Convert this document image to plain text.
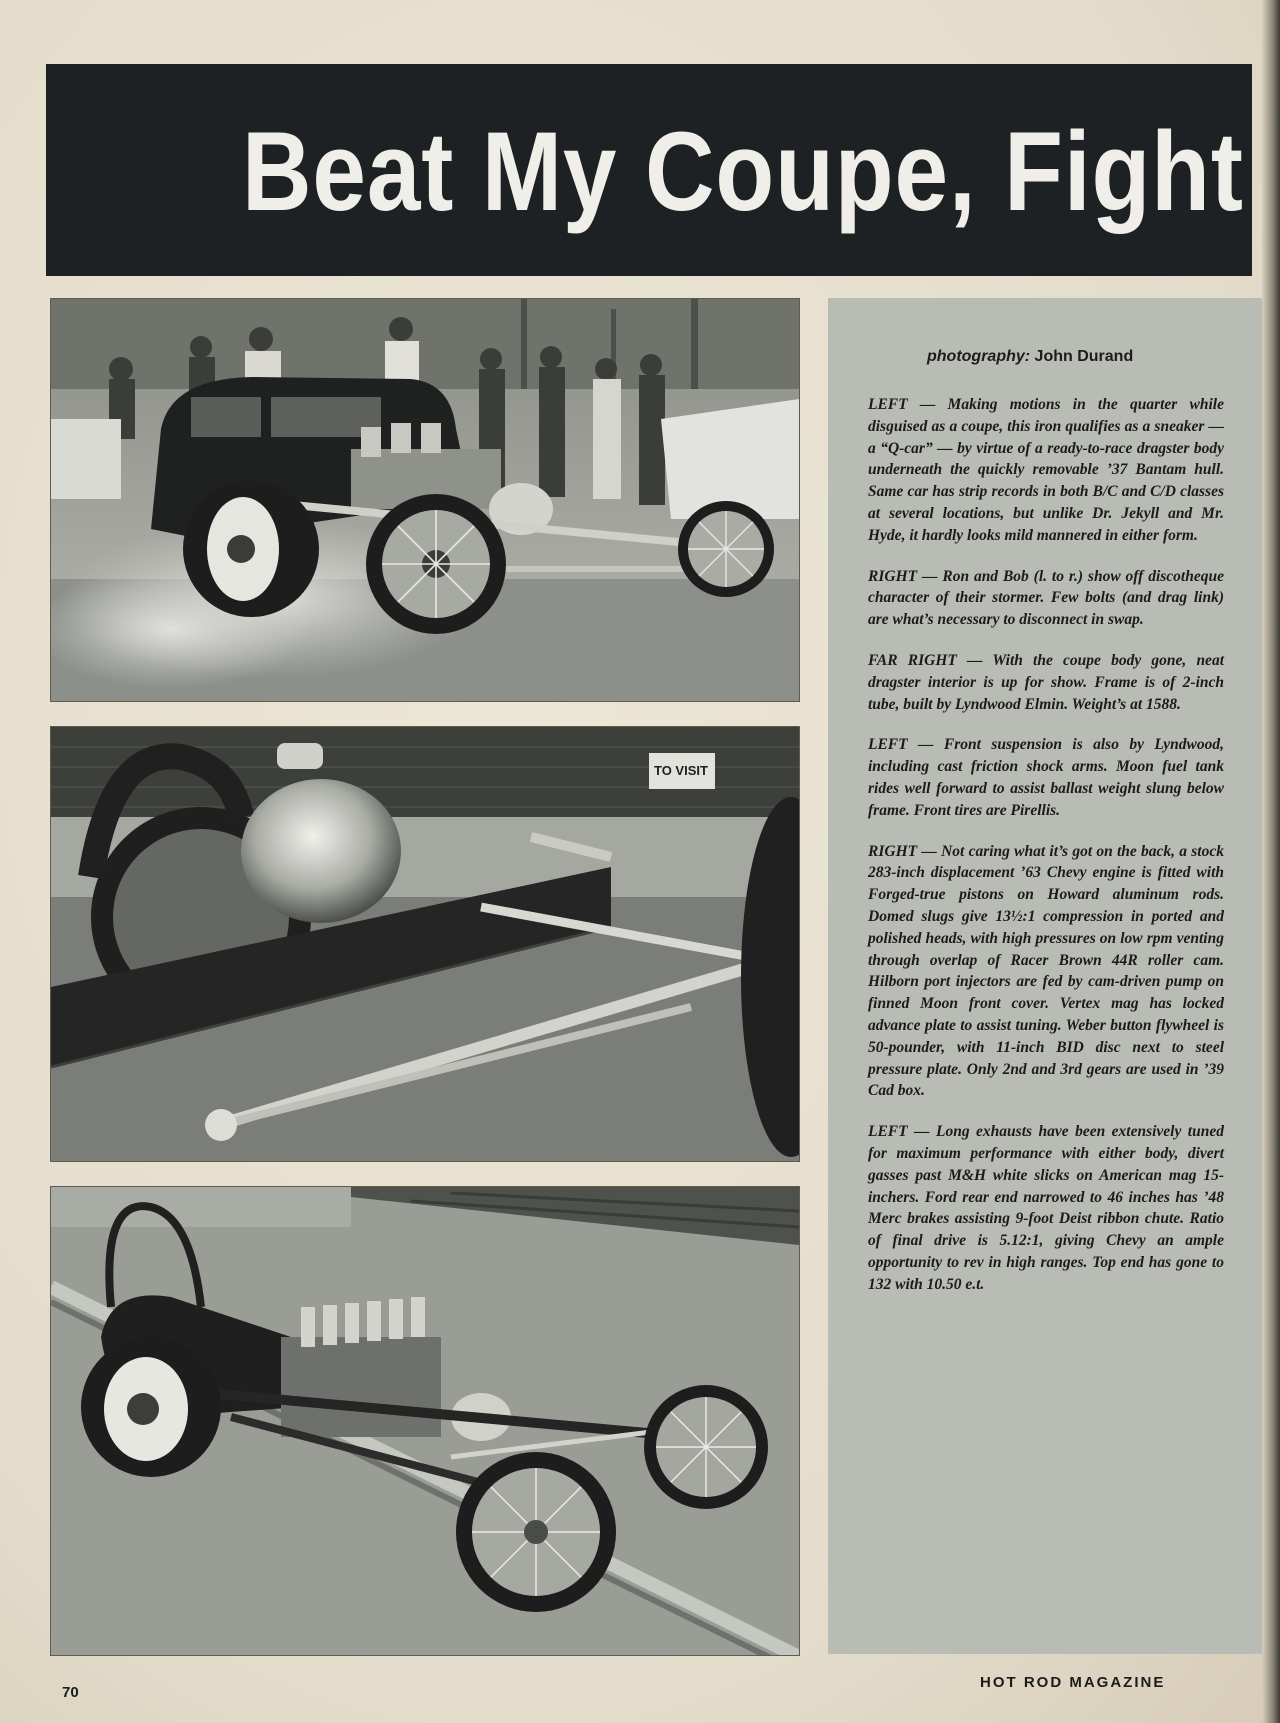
Beat My Coupe, Fight
TO VISIT
photography: John Durand

LEFT — Making motions in the quarter while disguised as a coupe, this iron qualifies as a sneaker — a “Q-car” — by virtue of a ready-to-race dragster body underneath the quickly removable ’37 Bantam hull. Same car has strip records in both B/C and C/D classes at several locations, but unlike Dr. Jekyll and Mr. Hyde, it hardly looks mild mannered in either form.

RIGHT — Ron and Bob (l. to r.) show off discotheque character of their stormer. Few bolts (and drag link) are what’s necessary to disconnect in swap.

FAR RIGHT — With the coupe body gone, neat dragster interior is up for show. Frame is of 2-inch tube, built by Lyndwood Elmin. Weight’s at 1588.

LEFT — Front suspension is also by Lyndwood, including cast friction shock arms. Moon fuel tank rides well forward to assist ballast weight slung below frame. Front tires are Pirellis.

RIGHT — Not caring what it’s got on the back, a stock 283-inch displacement ’63 Chevy engine is fitted with Forged-true pistons on Howard aluminum rods. Domed slugs give 13½:1 compression in ported and polished heads, with high pressures on low rpm venting through overlap of Racer Brown 44R roller cam. Hilborn port injectors are fed by cam-driven pump on finned Moon front cover. Vertex mag has locked advance plate to assist tuning. Weber button flywheel is 50-pounder, with 11-inch BID disc next to steel pressure plate. Only 2nd and 3rd gears are used in ’39 Cad box.

LEFT — Long exhausts have been extensively tuned for maximum performance with either body, divert gasses past M&H white slicks on American mag 15-inchers. Ford rear end narrowed to 46 inches has ’48 Merc brakes assisting 9-foot Deist ribbon chute. Ratio of final drive is 5.12:1, giving Chevy an ample opportunity to rev in high ranges. Top end has gone to 132 with 10.50 e.t.

70
HOT ROD MAGAZINE
